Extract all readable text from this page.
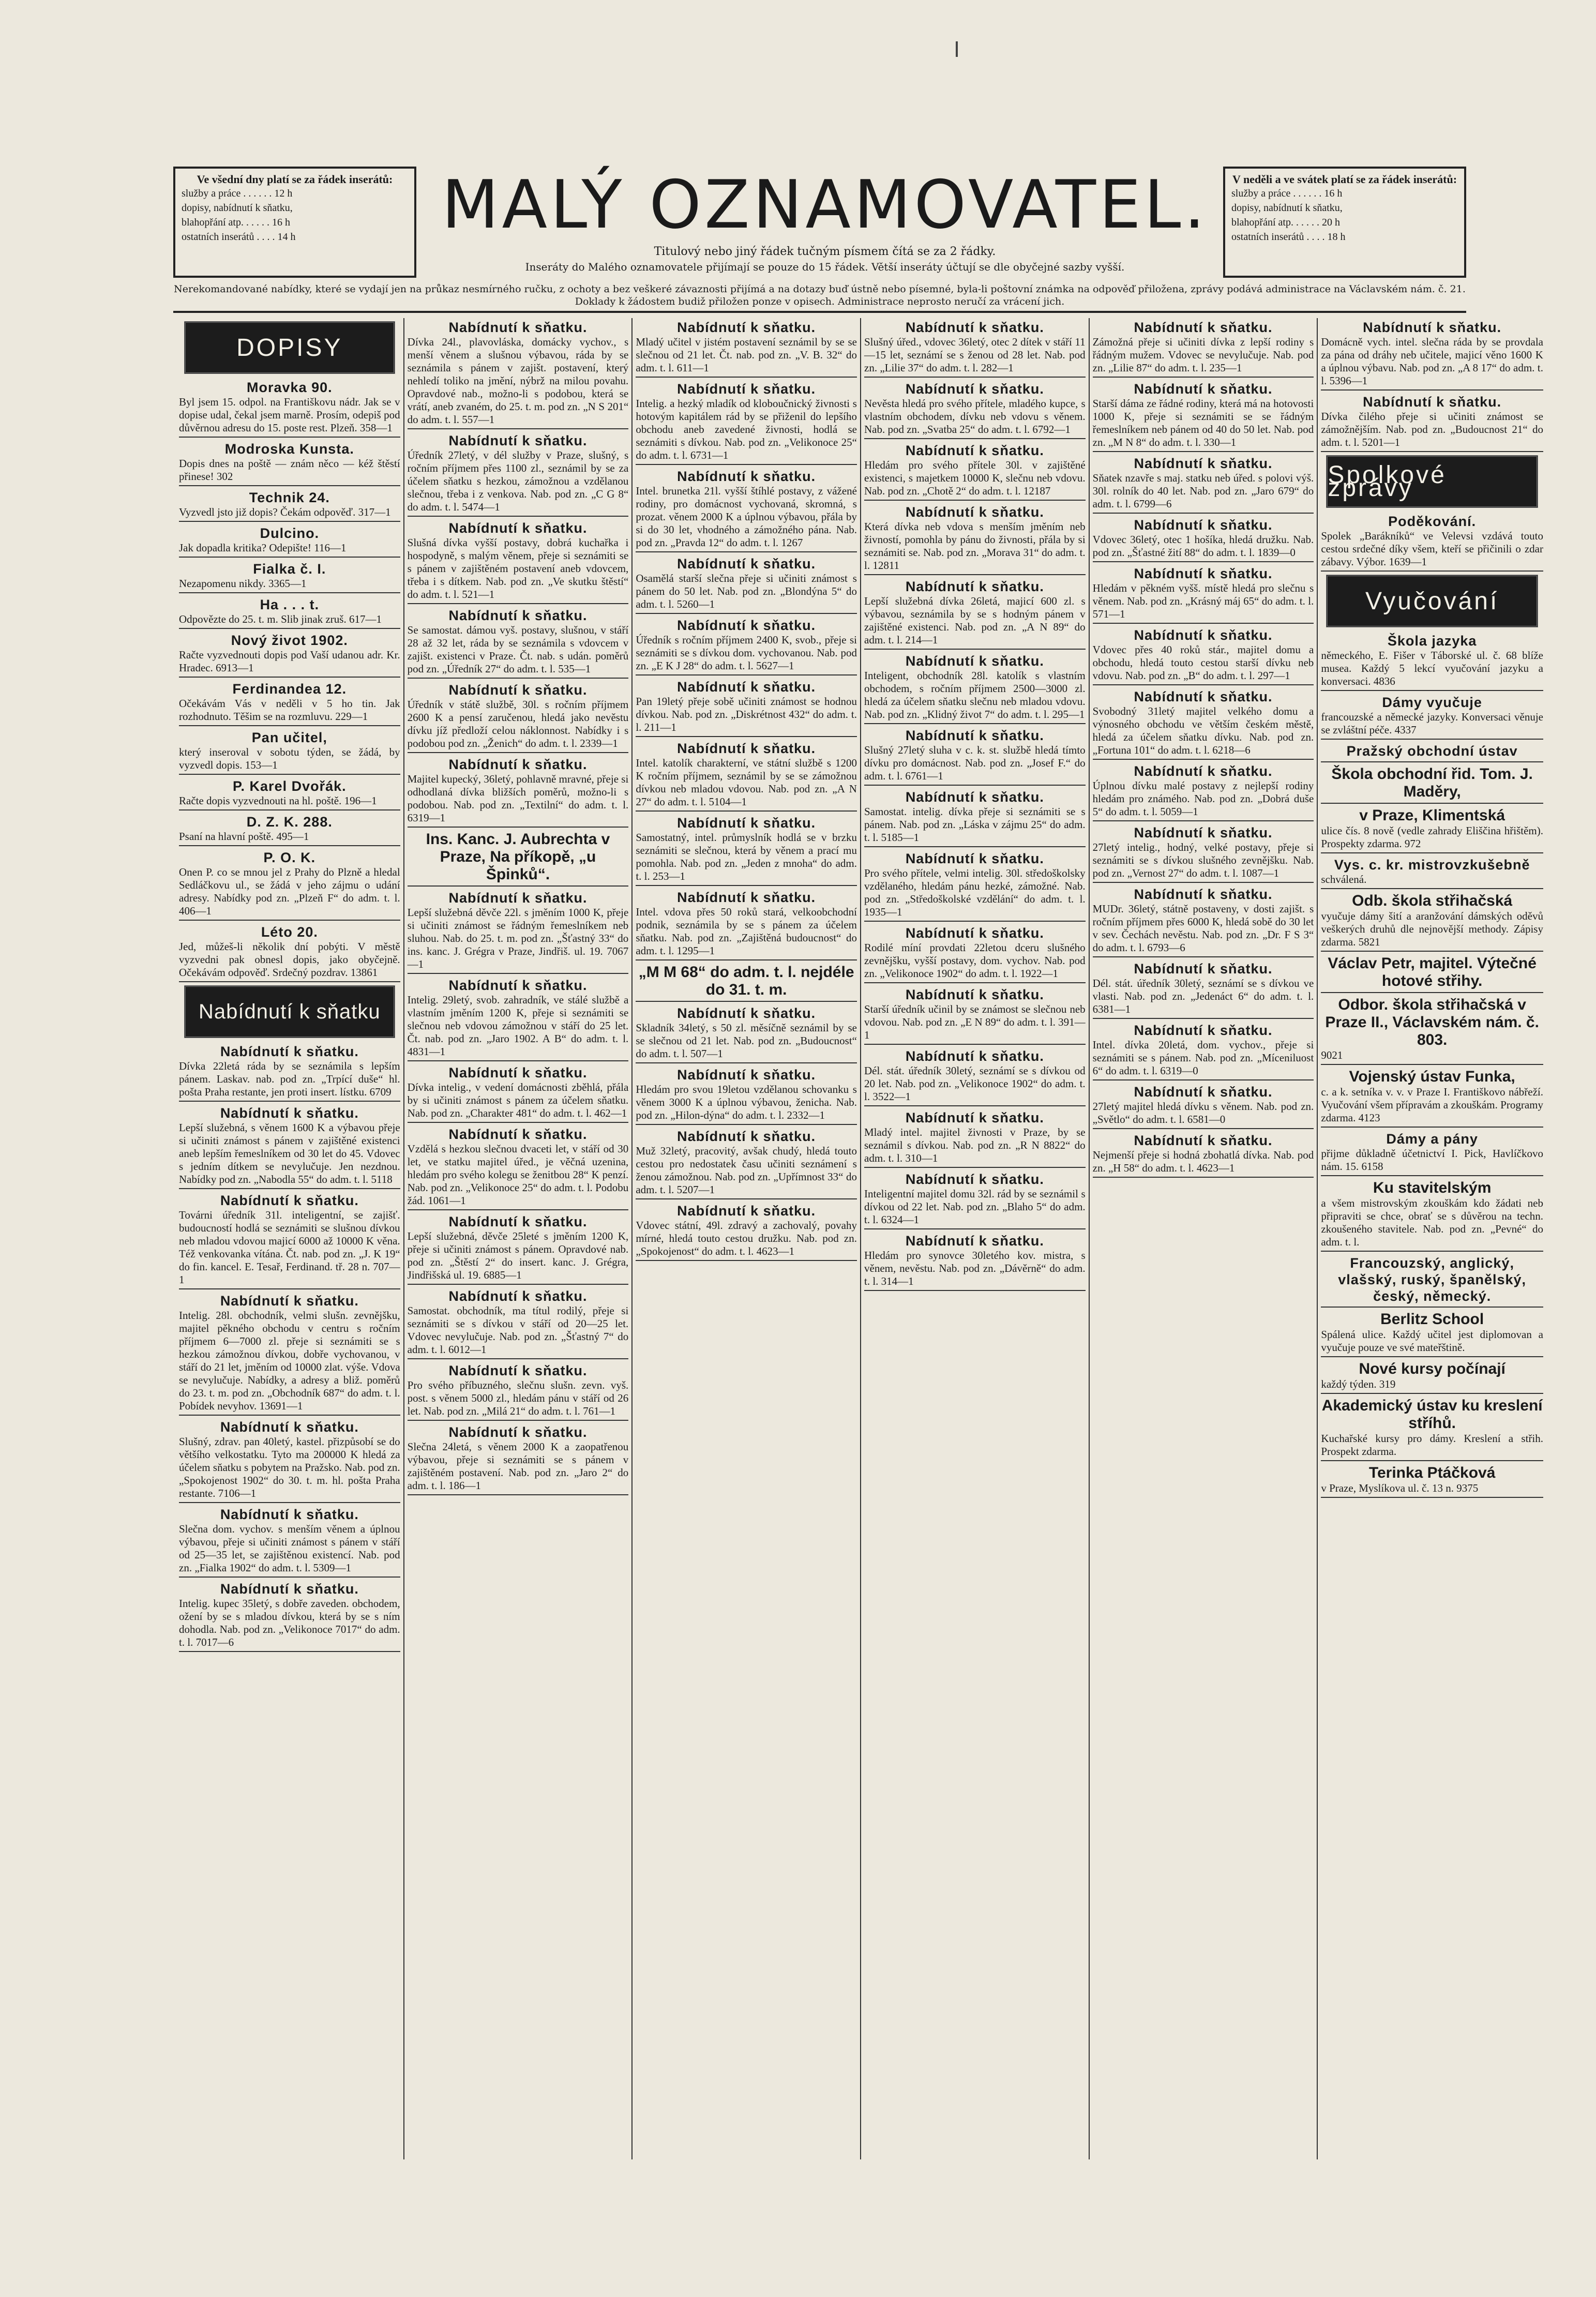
Ve všední dny platí se za řádek inserátů:
služby a práce . . . . . . 12 h
dopisy, nabídnutí k sňatku,
blahopřání atp. . . . . . 16 h
ostatních inserátů . . . . 14 h	MALÝ OZNAMOVATEL.
Titulový nebo jiný řádek tučným písmem čítá se za 2 řádky.
Inseráty do Malého oznamovatele přijímají se pouze do 15 řádek. Větší inseráty účtují se dle obyčejné sazby vyšší.
V neděli a ve svátek platí se za řádek inserátů:
služby a práce . . . . . . 16 h
dopisy, nabídnutí k sňatku,
blahopřání atp. . . . . . 20 h
ostatních inserátů . . . . 18 h
Nerekomandované nabídky, které se vydají jen na průkaz nesmírného ručku, z ochoty a bez veškeré závaznosti přijímá a na dotazy buď ústně nebo písemné, byla-li poštovní známka na odpověď přiložena, zprávy podává administrace na Václavském nám. č. 21. Doklady k žádostem budiž přiložen ponze v opisech. Administrace neprosto neručí za vrácení jich.
DOPISY
Moravka 90.
Byl jsem 15. odpol. na Františkovu nádr. Jak se v dopise udal, čekal jsem marně. Prosím, odepiš pod důvěrnou adresu do 15. poste rest. Plzeň. 358—1
Modroska Kunsta.
Dopis dnes na poště — znám něco — kéž štěstí přinese! 302
Technik 24.
Vyzvedl jsto již dopis? Čekám odpověď. 317—1
Dulcino.
Jak dopadla kritika? Odepište! 116—1
Fialka č. I.
Nezapomenu nikdy. 3365—1
Ha . . . t.
Odpovězte do 25. t. m. Slib jinak zruš. 617—1
Nový život 1902.
Račte vyzvednouti dopis pod Vaší udanou adr. Kr. Hradec. 6913—1
Ferdinandea 12.
Očekávám Vás v neděli v 5 ho tin. Jak rozhodnuto. Těšim se na rozmluvu. 229—1
Pan učitel,
který inseroval v sobotu týden, se žádá, by vyzvedl dopis. 153—1
P. Karel Dvořák.
Račte dopis vyzvednouti na hl. poště. 196—1
D. Z. K. 288.
Psaní na hlavní poště. 495—1
P. O. K.
Onen P. co se mnou jel z Prahy do Plzně a hledal Sedláčkovu ul., se žádá v jeho zájmu o udání adresy. Nabídky pod zn. „Plzeň F“ do adm. t. l. 406—1
Léto 20.
Jed, můžeš-li několik dní pobýti. V městě vyzvedni pak obnesl dopis, jako obyčejně. Očekávám odpověď. Srdečný pozdrav. 13861
Nabídnutí k sňatku
Nabídnutí k sňatku.
Dívka 22letá ráda by se seznámila s lepším pánem. Laskav. nab. pod zn. „Trpící duše“ hl. pošta Praha restante, jen proti insert. lístku. 6709
Nabídnutí k sňatku.
Lepší služebná, s věnem 1600 K a výbavou přeje si učiniti známost s pánem v zajištěné existenci aneb lepším řemeslníkem od 30 let do 45. Vdovec s jedním dítkem se nevylučuje. Jen nezdnou. Nabídky pod zn. „Nabodla 55“ do adm. t. l. 5118
Nabídnutí k sňatku.
Továrni úředník 31l. inteligentní, se zajišť. budoucností hodlá se seznámiti se slušnou dívkou neb mladou vdovou majicí 6000 až 10000 K věna. Též venkovanka vítána. Čt. nab. pod zn. „J. K 19“ do fin. kancel. E. Tesař, Ferdinand. tř. 28 n. 707—1
Nabídnutí k sňatku.
Intelig. 28l. obchodník, velmi slušn. zevnějšku, majitel pěkného obchodu v centru s ročním příjmem 6—7000 zl. přeje si seznámiti se s hezkou zámožnou dívkou, dobře vychovanou, v stáří do 21 let, jměním od 10000 zlat. výše. Vdova se nevylučuje. Nabídky, a adresy a bliž. poměrů do 23. t. m. pod zn. „Obchodník 687“ do adm. t. l. Pobídek nevyhov. 13691—1
Nabídnutí k sňatku.
Slušný, zdrav. pan 40letý, kastel. přizpůsobí se do většího velkostatku. Tyto ma 200000 K hledá za účelem sňatku s pobytem na Pražsko. Nab. pod zn. „Spokojenost 1902“ do 30. t. m. hl. pošta Praha restante. 7106—1
Nabídnutí k sňatku.
Slečna dom. vychov. s menším věnem a úplnou výbavou, přeje si učiniti známost s pánem v stáří od 25—35 let, se zajištěnou existencí. Nab. pod zn. „Fialka 1902“ do adm. t. l. 5309—1
Nabídnutí k sňatku.
Intelig. kupec 35letý, s dobře zaveden. obchodem, ožení by se s mladou dívkou, která by se s ním dohodla. Nab. pod zn. „Velikonoce 7017“ do adm. t. l. 7017—6
Nabídnutí k sňatku.
Dívka 24l., plavovláska, domácky vychov., s menší věnem a slušnou výbavou, ráda by se seznámila s pánem v zajišt. postavení, který nehledí toliko na jmění, nýbrž na milou povahu. Opravdové nab., možno-li s podobou, která se vrátí, aneb zvaném, do 25. t. m. pod zn. „N S 201“ do adm. t. l. 557—1
Nabídnutí k sňatku.
Úředník 27letý, v dél služby v Praze, slušný, s ročním příjmem přes 1100 zl., seznámil by se za účelem sňatku s hezkou, zámožnou a vzdělanou slečnou, třeba i z venkova. Nab. pod zn. „C G 8“ do adm. t. l. 5474—1
Nabídnutí k sňatku.
Slušná dívka vyšší postavy, dobrá kuchařka i hospodyně, s malým věnem, přeje si seznámiti se s pánem v zajištěném postavení aneb vdovcem, třeba i s dítkem. Nab. pod zn. „Ve skutku štěstí“ do adm. t. l. 521—1
Nabídnutí k sňatku.
Se samostat. dámou vyš. postavy, slušnou, v stáří 28 až 32 let, ráda by se seznámila s vdovcem v zajišt. existenci v Praze. Čt. nab. s udán. poměrů pod zn. „Úředník 27“ do adm. t. l. 535—1
Nabídnutí k sňatku.
Úředník v státě službě, 30l. s ročním příjmem 2600 K a pensí zaručenou, hledá jako nevěstu dívku jíž předloží celou náklonnost. Nabídky i s podobou pod zn. „Ženich“ do adm. t. l. 2339—1
Nabídnutí k sňatku.
Majitel kupecký, 36letý, pohlavně mravné, přeje si odhodlaná dívka bližších poměrů, možno-li s podobou. Nab. pod zn. „Textilní“ do adm. t. l. 6319—1
Ins. Kanc. J. Aubrechta v Praze, Na příkopě, „u Špinků“.
Nabídnutí k sňatku.
Lepší služebná děvče 22l. s jměním 1000 K, přeje si učiniti známost se řádným řemeslníkem neb sluhou. Nab. do 25. t. m. pod zn. „Šťastný 33“ do ins. kanc. J. Grégra v Praze, Jindřiš. ul. 19. 7067—1
Nabídnutí k sňatku.
Intelig. 29letý, svob. zahradník, ve stálé službě a vlastním jměním 1200 K, přeje si seznámiti se slečnou neb vdovou zámožnou v stáří do 25 let. Čt. nab. pod zn. „Jaro 1902. A B“ do adm. t. l. 4831—1
Nabídnutí k sňatku.
Dívka intelig., v vedení domácnosti zběhlá, přála by si učiniti známost s pánem za účelem sňatku. Nab. pod zn. „Charakter 481“ do adm. t. l. 462—1
Nabídnutí k sňatku.
Vzdělá s hezkou slečnou dvaceti let, v stáří od 30 let, ve statku majitel úřed., je věčná uzenina, hledám pro svého kolegu se ženitbou 28“ K penzí. Nab. pod zn. „Velikonoce 25“ do adm. t. l. Podobu žád. 1061—1
Nabídnutí k sňatku.
Lepší služebná, děvče 25leté s jměním 1200 K, přeje si učiniti známost s pánem. Opravdové nab. pod zn. „Štěstí 2“ do insert. kanc. J. Grégra, Jindřišská ul. 19. 6885—1
Nabídnutí k sňatku.
Samostat. obchodník, ma títul rodilý, přeje si seznámiti se s dívkou v stáří od 20—25 let. Vdovec nevylučuje. Nab. pod zn. „Šťastný 7“ do adm. t. l. 6012—1
Nabídnutí k sňatku.
Pro svého příbuzného, slečnu slušn. zevn. vyš. post. s věnem 5000 zl., hledám pánu v stáří od 26 let. Nab. pod zn. „Milá 21“ do adm. t. l. 761—1
Nabídnutí k sňatku.
Slečna 24letá, s věnem 2000 K a zaopatřenou výbavou, přeje si seznámiti se s pánem v zajištěném postavení. Nab. pod zn. „Jaro 2“ do adm. t. l. 186—1
Nabídnutí k sňatku.
Mladý učitel v jistém postavení seznámil by se se slečnou od 21 let. Čt. nab. pod zn. „V. B. 32“ do adm. t. l. 611—1
Nabídnutí k sňatku.
Intelig. a hezký mladík od kloboučnický živnosti s hotovým kapitálem rád by se přiženil do lepšího obchodu aneb zavedené živnosti, hodlá se seznámiti s dívkou. Nab. pod zn. „Velikonoce 25“ do adm. t. l. 6731—1
Nabídnutí k sňatku.
Intel. brunetka 21l. vyšší štíhlé postavy, z vážené rodiny, pro domácnost vychovaná, skromná, s prozat. věnem 2000 K a úplnou výbavou, přála by si do 30 let, vhodného a zámožného pána. Nab. pod zn. „Pravda 12“ do adm. t. l. 1267
Nabídnutí k sňatku.
Osamělá starší slečna přeje si učiniti známost s pánem do 50 let. Nab. pod zn. „Blondýna 5“ do adm. t. l. 5260—1
Nabídnutí k sňatku.
Úředník s ročním příjmem 2400 K, svob., přeje si seznámiti se s dívkou dom. vychovanou. Nab. pod zn. „E K J 28“ do adm. t. l. 5627—1
Nabídnutí k sňatku.
Pan 19letý přeje sobě učiniti známost se hodnou dívkou. Nab. pod zn. „Diskrétnost 432“ do adm. t. l. 211—1
Nabídnutí k sňatku.
Intel. katolík charakterní, ve státní službě s 1200 K ročním příjmem, seznámil by se se zámožnou dívkou neb mladou vdovou. Nab. pod zn. „A N 27“ do adm. t. l. 5104—1
Nabídnutí k sňatku.
Samostatný, intel. průmyslník hodlá se v brzku seznámiti se slečnou, která by věnem a prací mu pomohla. Nab. pod zn. „Jeden z mnoha“ do adm. t. l. 253—1
Nabídnutí k sňatku.
Intel. vdova přes 50 roků stará, velkoobchodní podnik, seznámila by se s pánem za účelem sňatku. Nab. pod zn. „Zajištěná budoucnost“ do adm. t. l. 1295—1
„M M 68“ do adm. t. l. nejdéle do 31. t. m.
Nabídnutí k sňatku.
Skladník 34letý, s 50 zl. měsíčně seznámil by se se slečnou od 21 let. Nab. pod zn. „Budoucnost“ do adm. t. l. 507—1
Nabídnutí k sňatku.
Hledám pro svou 19letou vzdělanou schovanku s věnem 3000 K a úplnou výbavou, ženicha. Nab. pod zn. „Hilon-dýna“ do adm. t. l. 2332—1
Nabídnutí k sňatku.
Muž 32letý, pracovitý, avšak chudý, hledá touto cestou pro nedostatek času učiniti seznámení s ženou zámožnou. Nab. pod zn. „Upřímnost 33“ do adm. t. l. 5207—1
Nabídnutí k sňatku.
Vdovec státní, 49l. zdravý a zachovalý, povahy mírné, hledá touto cestou družku. Nab. pod zn. „Spokojenost“ do adm. t. l. 4623—1
Nabídnutí k sňatku.
Slušný úřed., vdovec 36letý, otec 2 dítek v stáří 11—15 let, seznámí se s ženou od 28 let. Nab. pod zn. „Lilie 37“ do adm. t. l. 282—1
Nabídnutí k sňatku.
Nevěsta hledá pro svého přítele, mladého kupce, s vlastním obchodem, dívku neb vdovu s věnem. Nab. pod zn. „Svatba 25“ do adm. t. l. 6792—1
Nabídnutí k sňatku.
Hledám pro svého přítele 30l. v zajištěné existenci, s majetkem 10000 K, slečnu neb vdovu. Nab. pod zn. „Chotě 2“ do adm. t. l. 12187
Nabídnutí k sňatku.
Která dívka neb vdova s menším jměním neb živností, pomohla by pánu do živnosti, přála by si seznámiti se. Nab. pod zn. „Morava 31“ do adm. t. l. 12811
Nabídnutí k sňatku.
Lepší služebná dívka 26letá, majicí 600 zl. s výbavou, seznámila by se s hodným pánem v zajištěné existenci. Nab. pod zn. „A N 89“ do adm. t. l. 214—1
Nabídnutí k sňatku.
Inteligent, obchodník 28l. katolík s vlastním obchodem, s ročním příjmem 2500—3000 zl. hledá za účelem sňatku slečnu neb mladou vdovu. Nab. pod zn. „Klidný život 7“ do adm. t. l. 295—1
Nabídnutí k sňatku.
Slušný 27letý sluha v c. k. st. službě hledá tímto dívku pro domácnost. Nab. pod zn. „Josef F.“ do adm. t. l. 6761—1
Nabídnutí k sňatku.
Samostat. intelig. dívka přeje si seznámiti se s pánem. Nab. pod zn. „Láska v zájmu 25“ do adm. t. l. 5185—1
Nabídnutí k sňatku.
Pro svého přítele, velmi intelig. 30l. středoškolsky vzdělaného, hledám pánu hezké, zámožné. Nab. pod zn. „Středoškolské vzdělání“ do adm. t. l. 1935—1
Nabídnutí k sňatku.
Rodilé míní provdati 22letou dceru slušného zevnějšku, vyšší postavy, dom. vychov. Nab. pod zn. „Velikonoce 1902“ do adm. t. l. 1922—1
Nabídnutí k sňatku.
Starší úředník učinil by se známost se slečnou neb vdovou. Nab. pod zn. „E N 89“ do adm. t. l. 391—1
Nabídnutí k sňatku.
Dél. stát. úředník 30letý, seznámí se s dívkou od 20 let. Nab. pod zn. „Velikonoce 1902“ do adm. t. l. 3522—1
Nabídnutí k sňatku.
Mladý intel. majitel živnosti v Praze, by se seznámil s dívkou. Nab. pod zn. „R N 8822“ do adm. t. l. 310—1
Nabídnutí k sňatku.
Inteligentní majitel domu 32l. rád by se seznámil s dívkou od 22 let. Nab. pod zn. „Blaho 5“ do adm. t. l. 6324—1
Nabídnutí k sňatku.
Hledám pro synovce 30letého kov. mistra, s věnem, nevěstu. Nab. pod zn. „Dávěrně“ do adm. t. l. 314—1
Nabídnutí k sňatku.
Zámožná přeje si učiniti dívka z lepší rodiny s řádným mužem. Vdovec se nevylučuje. Nab. pod zn. „Lilie 87“ do adm. t. l. 235—1
Nabídnutí k sňatku.
Starší dáma ze řádné rodiny, která má na hotovosti 1000 K, přeje si seznámiti se se řádným řemeslníkem neb pánem od 40 do 50 let. Nab. pod zn. „M N 8“ do adm. t. l. 330—1
Nabídnutí k sňatku.
Sňatek nzavře s maj. statku neb úřed. s polovi výš. 30l. rolník do 40 let. Nab. pod zn. „Jaro 679“ do adm. t. l. 6799—6
Nabídnutí k sňatku.
Vdovec 36letý, otec 1 hošíka, hledá družku. Nab. pod zn. „Šťastné žití 88“ do adm. t. l. 1839—0
Nabídnutí k sňatku.
Hledám v pěkném vyšš. místě hledá pro slečnu s věnem. Nab. pod zn. „Krásný máj 65“ do adm. t. l. 571—1
Nabídnutí k sňatku.
Vdovec přes 40 roků stár., majitel domu a obchodu, hledá touto cestou starší dívku neb vdovu. Nab. pod zn. „B“ do adm. t. l. 297—1
Nabídnutí k sňatku.
Svobodný 31letý majitel velkého domu a výnosného obchodu ve větším českém městě, hledá za účelem sňatku dívku. Nab. pod zn. „Fortuna 101“ do adm. t. l. 6218—6
Nabídnutí k sňatku.
Úplnou dívku malé postavy z nejlepší rodiny hledám pro známého. Nab. pod zn. „Dobrá duše 5“ do adm. t. l. 5059—1
Nabídnutí k sňatku.
27letý intelig., hodný, velké postavy, přeje si seznámiti se s dívkou slušného zevnějšku. Nab. pod zn. „Vernost 27“ do adm. t. l. 1087—1
Nabídnutí k sňatku.
MUDr. 36letý, státně postaveny, v dosti zajišt. s ročním příjmem přes 6000 K, hledá sobě do 30 let v sev. Čechách nevěstu. Nab. pod zn. „Dr. F S 3“ do adm. t. l. 6793—6
Nabídnutí k sňatku.
Dél. stát. úředník 30letý, seznámí se s dívkou ve vlasti. Nab. pod zn. „Jedenáct 6“ do adm. t. l. 6381—1
Nabídnutí k sňatku.
Intel. dívka 20letá, dom. vychov., přeje si seznámiti se s pánem. Nab. pod zn. „Míceniluost 6“ do adm. t. l. 6319—0
Nabídnutí k sňatku.
27letý majitel hledá dívku s věnem. Nab. pod zn. „Světlo“ do adm. t. l. 6581—0
Nabídnutí k sňatku.
Nejmenší přeje si hodná zbohatlá dívka. Nab. pod zn. „H 58“ do adm. t. l. 4623—1
Nabídnutí k sňatku.
Domácně vych. intel. slečna ráda by se provdala za pána od dráhy neb učitele, majicí věno 1600 K a úplnou výbavu. Nab. pod zn. „A 8 17“ do adm. t. l. 5396—1
Nabídnutí k sňatku.
Dívka čilého přeje si učiniti známost se zámožnějším. Nab. pod zn. „Budoucnost 21“ do adm. t. l. 5201—1
Spolkové zprávy
Poděkování.
Spolek „Barákníků“ ve Velevsi vzdává touto cestou srdečné díky všem, kteří se přičinili o zdar zábavy. Výbor. 1639—1
Vyučování
Škola jazyka
německého, E. Fišer v Táborské ul. č. 68 blíže musea. Každý 5 lekcí vyučování jazyku a konversaci. 4836
Dámy vyučuje
francouzské a německé jazyky. Konversaci věnuje se zvláštní péče. 4337
Pražský obchodní ústav
Škola obchodní řid. Tom. J. Maděry,
v Praze, Klimentská
ulice čís. 8 nově (vedle zahrady Eliščina hřištěm). Prospekty zdarma. 972
Vys. c. kr. mistrovzkušebně
schválená.
Odb. škola střihačská
vyučuje dámy šití a aranžování dámských oděvů veškerých druhů dle nejnovější methody. Zápisy zdarma. 5821
Václav Petr, majitel. Výtečné hotové střihy.
Odbor. škola střihačská v Praze II., Václavském nám. č. 803.
9021
Vojenský ústav Funka,
c. a k. setníka v. v. v Praze I. Františkovo nábřeží. Vyučování všem přípravám a zkouškám. Programy zdarma. 4123
Dámy a pány
přijme důkladně účetnictví I. Pick, Havlíčkovo nám. 15. 6158
Ku stavitelským
a všem mistrovským zkouškám kdo žádati neb připraviti se chce, obrať se s důvěrou na techn. zkoušeného stavitele. Nab. pod zn. „Pevné“ do adm. t. l.
Francouzský, anglický, vlašský, ruský, španělský, český, německý.
Berlitz School
Spálená ulice. Každý učitel jest diplomovan a vyučuje pouze ve své mateřštině.
Nové kursy počínají
každý týden. 319
Akademický ústav ku kreslení stříhů.
Kuchařské kursy pro dámy. Kreslení a střih. Prospekt zdarma.
Terinka Ptáčková
v Praze, Myslíkova ul. č. 13 n. 9375
